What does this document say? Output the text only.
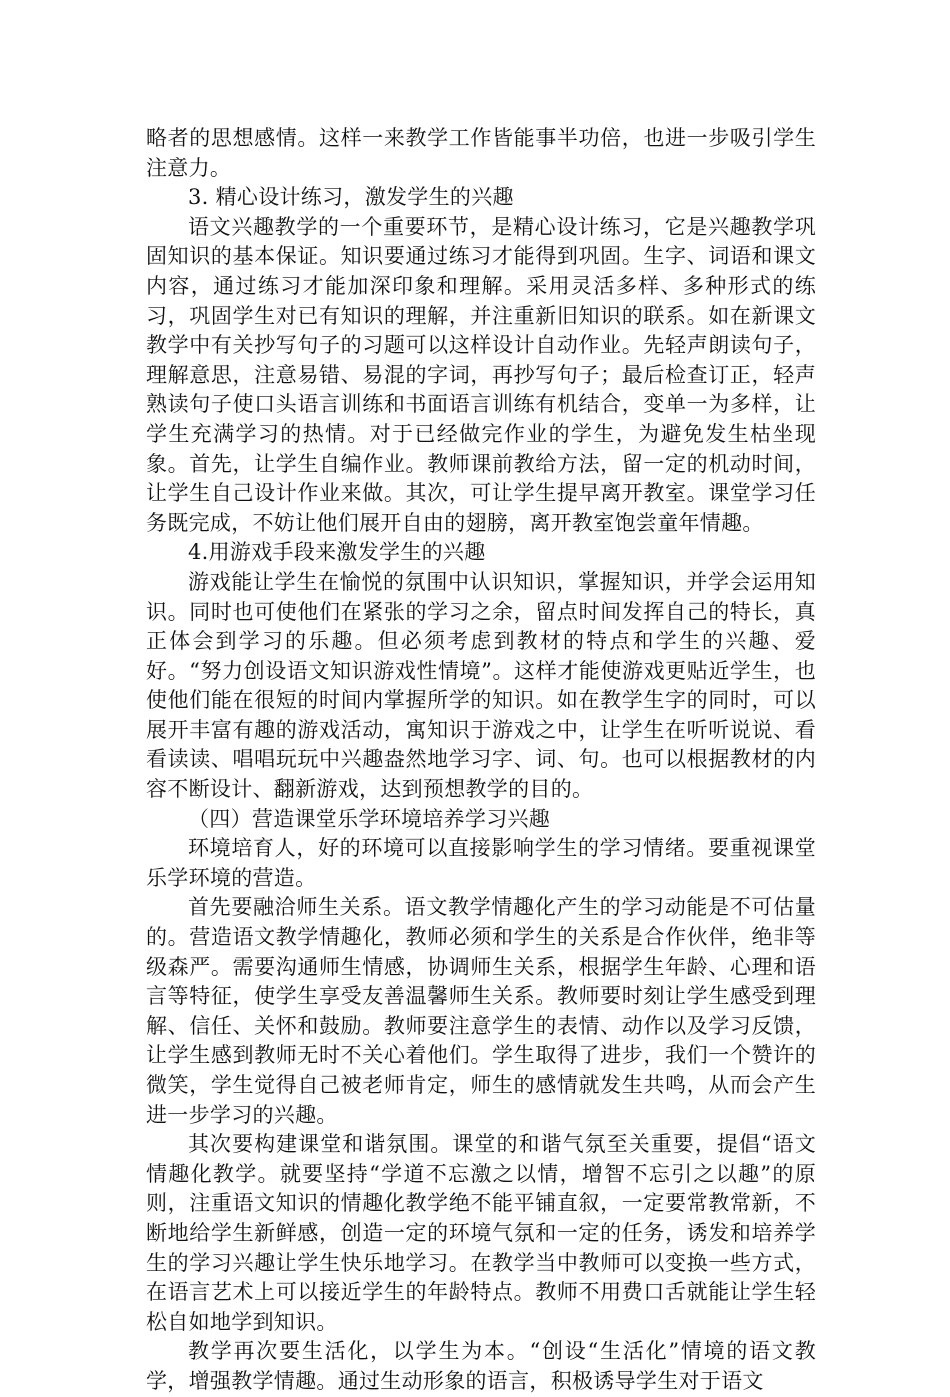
略者的思想感情。这样一来教学工作皆能事半功倍，也进一步吸引学生注意力。

3. 精心设计练习，激发学生的兴趣

语文兴趣教学的一个重要环节，是精心设计练习，它是兴趣教学巩固知识的基本保证。知识要通过练习才能得到巩固。生字、词语和课文内容，通过练习才能加深印象和理解。采用灵活多样、多种形式的练习，巩固学生对已有知识的理解，并注重新旧知识的联系。如在新课文教学中有关抄写句子的习题可以这样设计自动作业。先轻声朗读句子，理解意思，注意易错、易混的字词，再抄写句子；最后检查订正，轻声熟读句子使口头语言训练和书面语言训练有机结合，变单一为多样，让学生充满学习的热情。对于已经做完作业的学生，为避免发生枯坐现象。首先，让学生自编作业。教师课前教给方法，留一定的机动时间，让学生自己设计作业来做。其次，可让学生提早离开教室。课堂学习任务既完成，不妨让他们展开自由的翅膀，离开教室饱尝童年情趣。

4.用游戏手段来激发学生的兴趣

游戏能让学生在愉悦的氛围中认识知识，掌握知识，并学会运用知识。同时也可使他们在紧张的学习之余，留点时间发挥自己的特长，真正体会到学习的乐趣。但必须考虑到教材的特点和学生的兴趣、爱好。“努力创设语文知识游戏性情境”。这样才能使游戏更贴近学生，也使他们能在很短的时间内掌握所学的知识。如在教学生字的同时，可以展开丰富有趣的游戏活动，寓知识于游戏之中，让学生在听听说说、看看读读、唱唱玩玩中兴趣盎然地学习字、词、句。也可以根据教材的内容不断设计、翻新游戏，达到预想教学的目的。

（四）营造课堂乐学环境培养学习兴趣

环境培育人，好的环境可以直接影响学生的学习情绪。要重视课堂乐学环境的营造。

首先要融洽师生关系。语文教学情趣化产生的学习动能是不可估量的。营造语文教学情趣化，教师必须和学生的关系是合作伙伴，绝非等级森严。需要沟通师生情感，协调师生关系，根据学生年龄、心理和语言等特征，使学生享受友善温馨师生关系。教师要时刻让学生感受到理解、信任、关怀和鼓励。教师要注意学生的表情、动作以及学习反馈，让学生感到教师无时不关心着他们。学生取得了进步，我们一个赞许的微笑，学生觉得自己被老师肯定，师生的感情就发生共鸣，从而会产生进一步学习的兴趣。

其次要构建课堂和谐氛围。课堂的和谐气氛至关重要，提倡“语文情趣化教学。就要坚持“学道不忘激之以情，增智不忘引之以趣”的原则，注重语文知识的情趣化教学绝不能平铺直叙，一定要常教常新，不断地给学生新鲜感，创造一定的环境气氛和一定的任务，诱发和培养学生的学习兴趣让学生快乐地学习。在教学当中教师可以变换一些方式，在语言艺术上可以接近学生的年龄特点。教师不用费口舌就能让学生轻松自如地学到知识。

教学再次要生活化，以学生为本。“创设“生活化”情境的语文教学，增强教学情趣。通过生动形象的语言，积极诱导学生对于语文
